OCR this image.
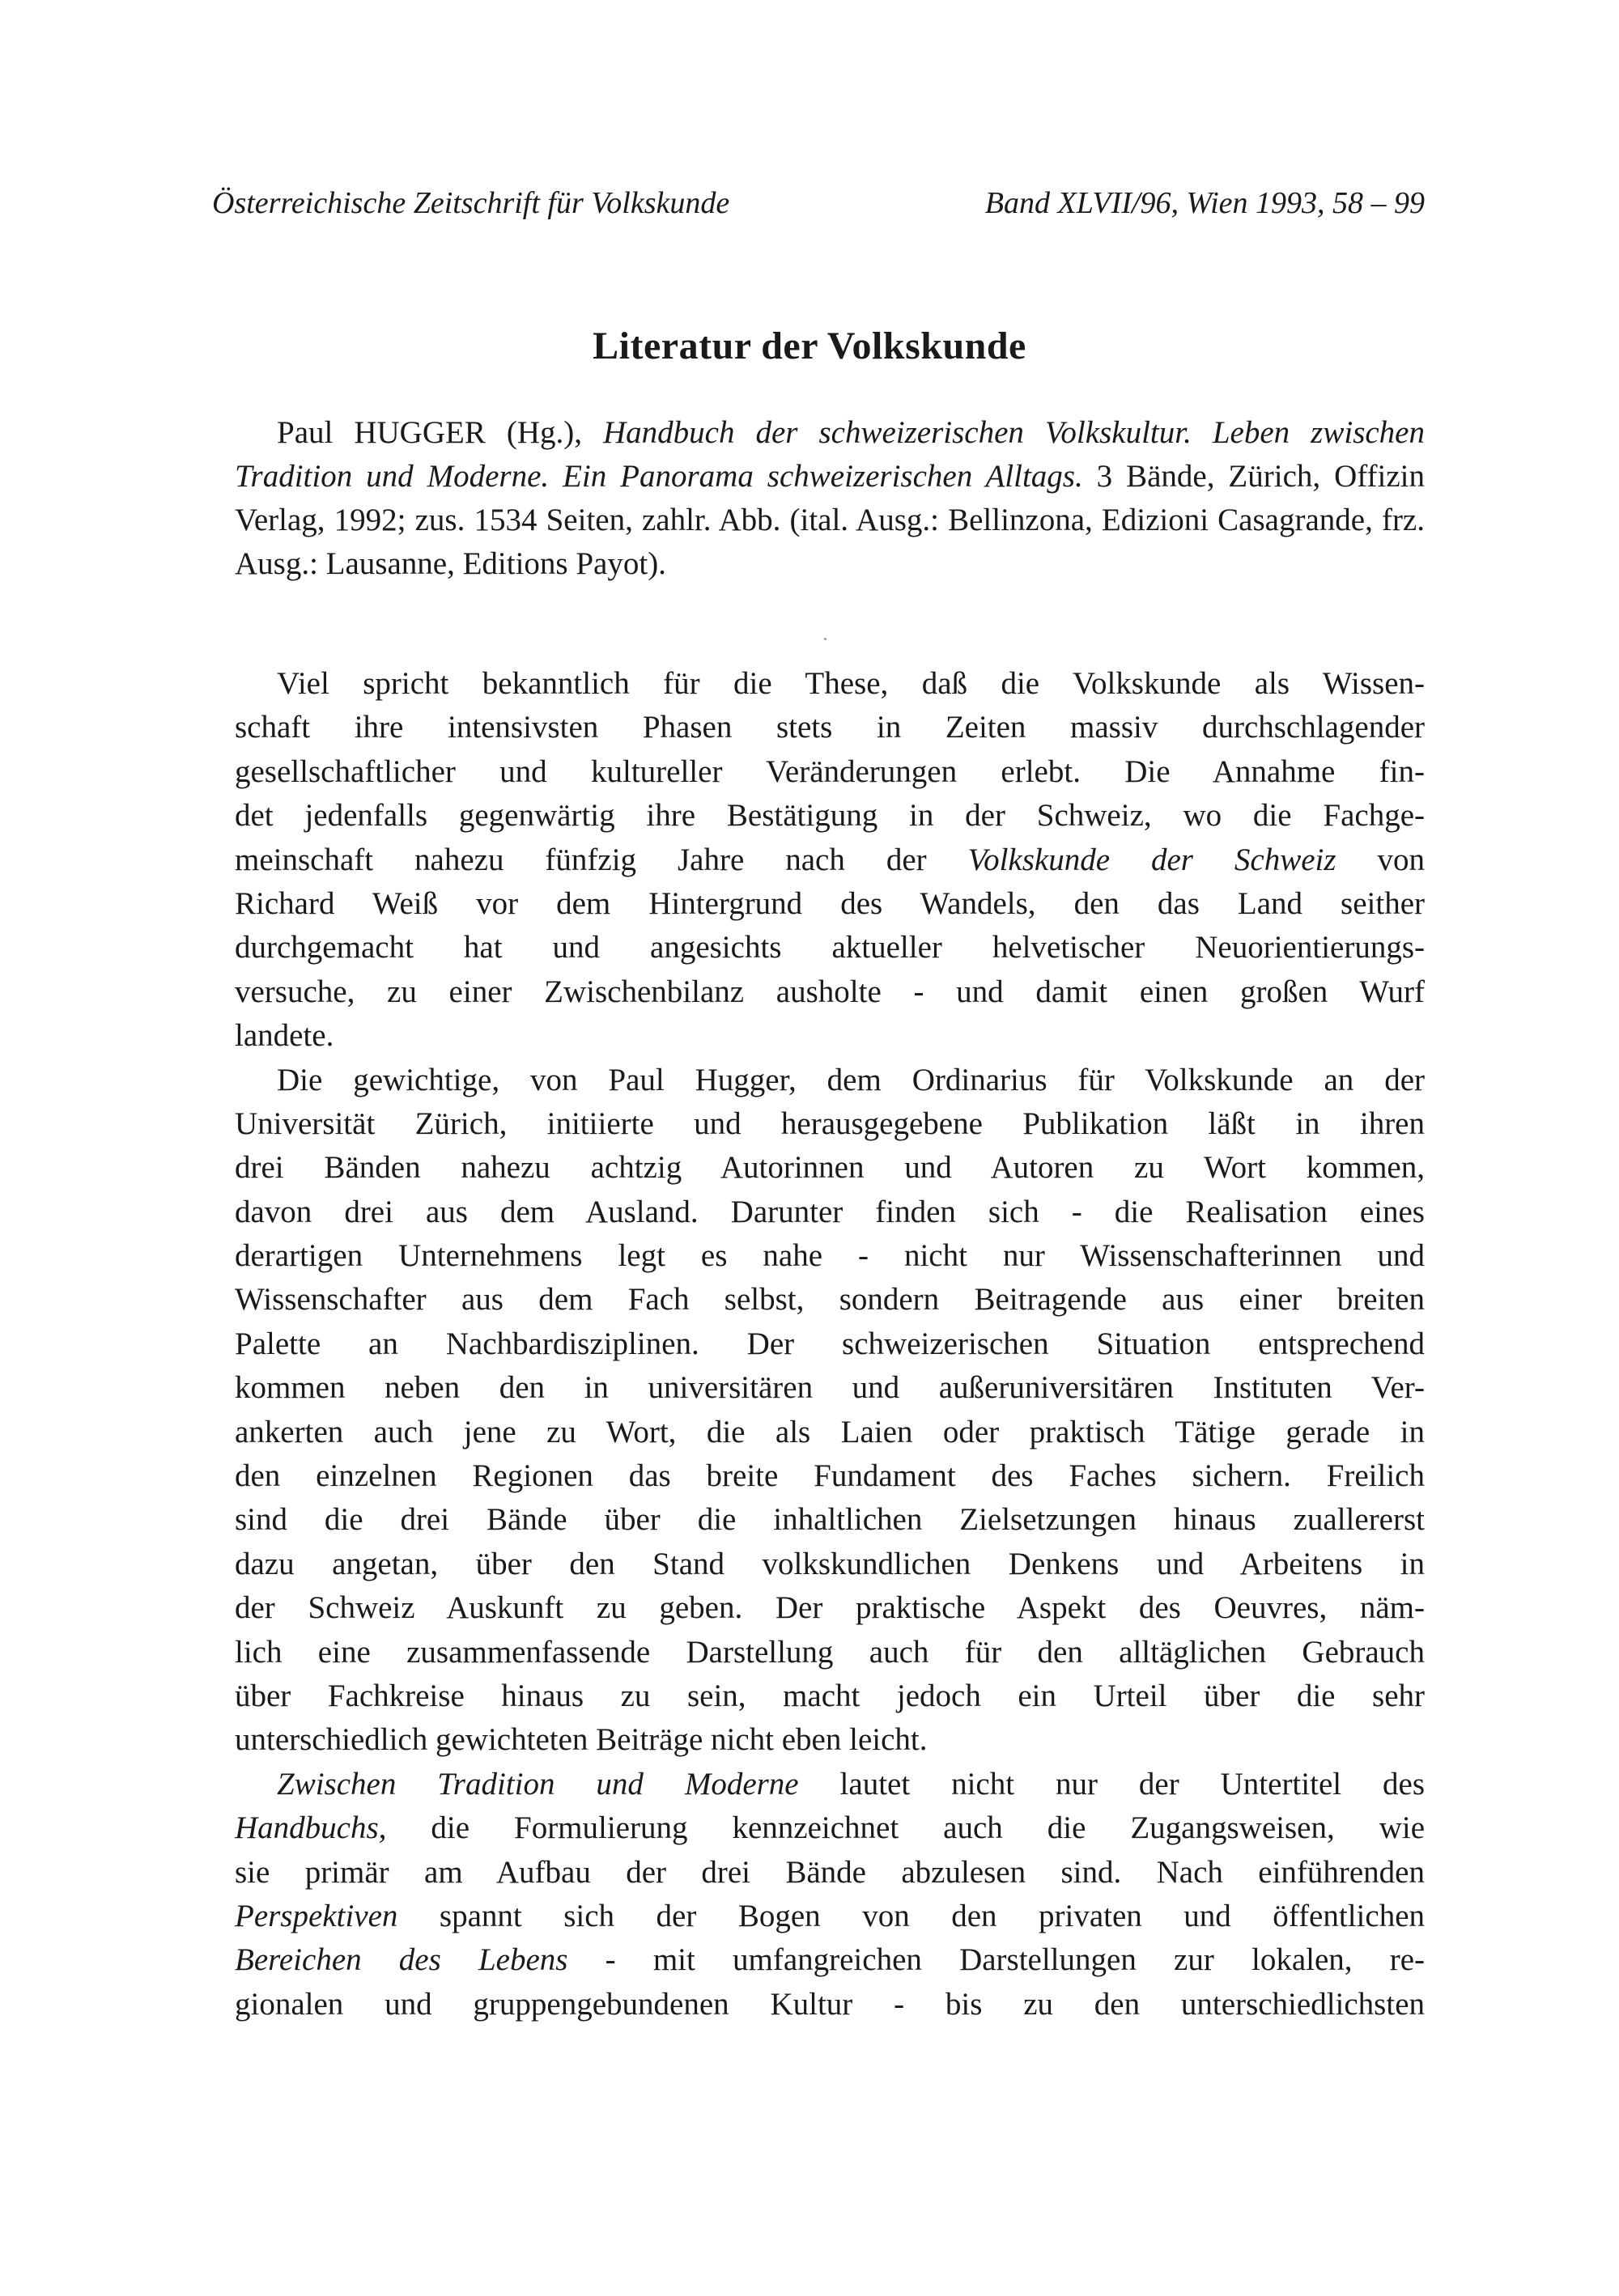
Österreichische Zeitschrift für Volkskunde	Band XLVII/96, Wien 1993, 58 – 99
Literatur der Volkskunde
Paul HUGGER (Hg.), Handbuch der schweizerischen Volkskultur. Leben zwischen Tradition und Moderne. Ein Panorama schweizerischen Alltags. 3 Bände, Zürich, Offizin Verlag, 1992; zus. 1534 Seiten, zahlr. Abb. (ital. Ausg.: Bellinzona, Edizioni Casagrande, frz. Ausg.: Lausanne, Editions Payot).
Viel spricht bekanntlich für die These, daß die Volkskunde als Wissen-
schaft ihre intensivsten Phasen stets in Zeiten massiv durchschlagender
gesellschaftlicher und kultureller Veränderungen erlebt. Die Annahme fin-
det jedenfalls gegenwärtig ihre Bestätigung in der Schweiz, wo die Fachge-
meinschaft nahezu fünfzig Jahre nach der Volkskunde der Schweiz von
Richard Weiß vor dem Hintergrund des Wandels, den das Land seither
durchgemacht hat und angesichts aktueller helvetischer Neuorientierungs-
versuche, zu einer Zwischenbilanz ausholte - und damit einen großen Wurf
landete.
Die gewichtige, von Paul Hugger, dem Ordinarius für Volkskunde an der
Universität Zürich, initiierte und herausgegebene Publikation läßt in ihren
drei Bänden nahezu achtzig Autorinnen und Autoren zu Wort kommen,
davon drei aus dem Ausland. Darunter finden sich - die Realisation eines
derartigen Unternehmens legt es nahe - nicht nur Wissenschafterinnen und
Wissenschafter aus dem Fach selbst, sondern Beitragende aus einer breiten
Palette an Nachbardisziplinen. Der schweizerischen Situation entsprechend
kommen neben den in universitären und außeruniversitären Instituten Ver-
ankerten auch jene zu Wort, die als Laien oder praktisch Tätige gerade in
den einzelnen Regionen das breite Fundament des Faches sichern. Freilich
sind die drei Bände über die inhaltlichen Zielsetzungen hinaus zuallererst
dazu angetan, über den Stand volkskundlichen Denkens und Arbeitens in
der Schweiz Auskunft zu geben. Der praktische Aspekt des Oeuvres, näm-
lich eine zusammenfassende Darstellung auch für den alltäglichen Gebrauch
über Fachkreise hinaus zu sein, macht jedoch ein Urteil über die sehr
unterschiedlich gewichteten Beiträge nicht eben leicht.
Zwischen Tradition und Moderne lautet nicht nur der Untertitel des
Handbuchs, die Formulierung kennzeichnet auch die Zugangsweisen, wie
sie primär am Aufbau der drei Bände abzulesen sind. Nach einführenden
Perspektiven spannt sich der Bogen von den privaten und öffentlichen
Bereichen des Lebens - mit umfangreichen Darstellungen zur lokalen, re-
gionalen und gruppengebundenen Kultur - bis zu den unterschiedlichsten
